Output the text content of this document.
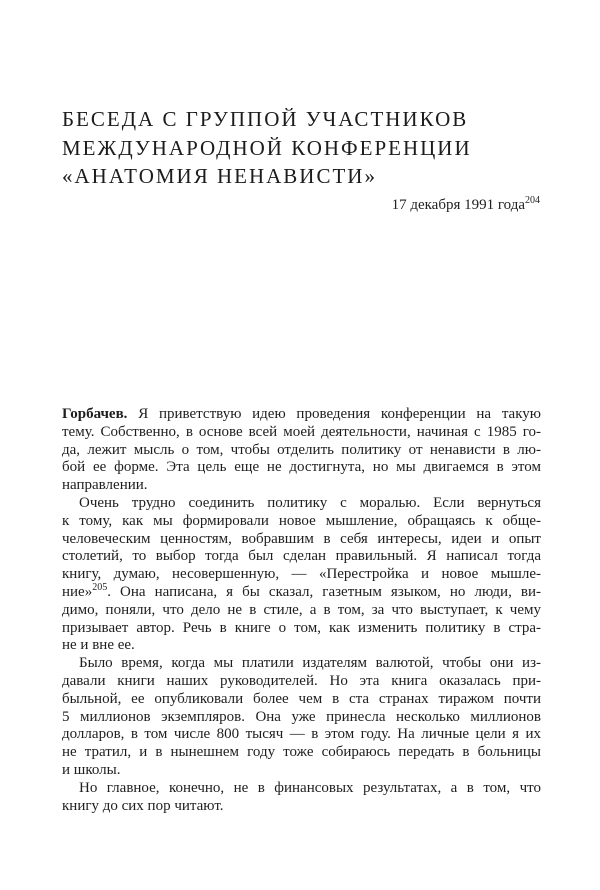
БЕСЕДА С ГРУППОЙ УЧАСТНИКОВ
МЕЖДУНАРОДНОЙ КОНФЕРЕНЦИИ
«АНАТОМИЯ НЕНАВИСТИ»
17 декабря 1991 года$^{204}$
Горбачев. Я приветствую идею проведения конференции на такую
тему. Собственно, в основе всей моей деятельности, начиная с 1985 го-
да, лежит мысль о том, чтобы отделить политику от ненависти в лю-
бой ее форме. Эта цель еще не достигнута, но мы двигаемся в этом
направлении.
Очень трудно соединить политику с моралью. Если вернуться
к тому, как мы формировали новое мышление, обращаясь к обще-
человеческим ценностям, вобравшим в себя интересы, идеи и опыт
столетий, то выбор тогда был сделан правильный. Я написал тогда
книгу, думаю, несовершенную, — «Перестройка и новое мышле-
ние»$^{205}$. Она написана, я бы сказал, газетным языком, но люди, ви-
димо, поняли, что дело не в стиле, а в том, за что выступает, к чему
призывает автор. Речь в книге о том, как изменить политику в стра-
не и вне ее.
Было время, когда мы платили издателям валютой, чтобы они из-
давали книги наших руководителей. Но эта книга оказалась при-
быльной, ее опубликовали более чем в ста странах тиражом почти
5 миллионов экземпляров. Она уже принесла несколько миллионов
долларов, в том числе 800 тысяч — в этом году. На личные цели я их
не тратил, и в нынешнем году тоже собираюсь передать в больницы
и школы.
Но главное, конечно, не в финансовых результатах, а в том, что
книгу до сих пор читают.
